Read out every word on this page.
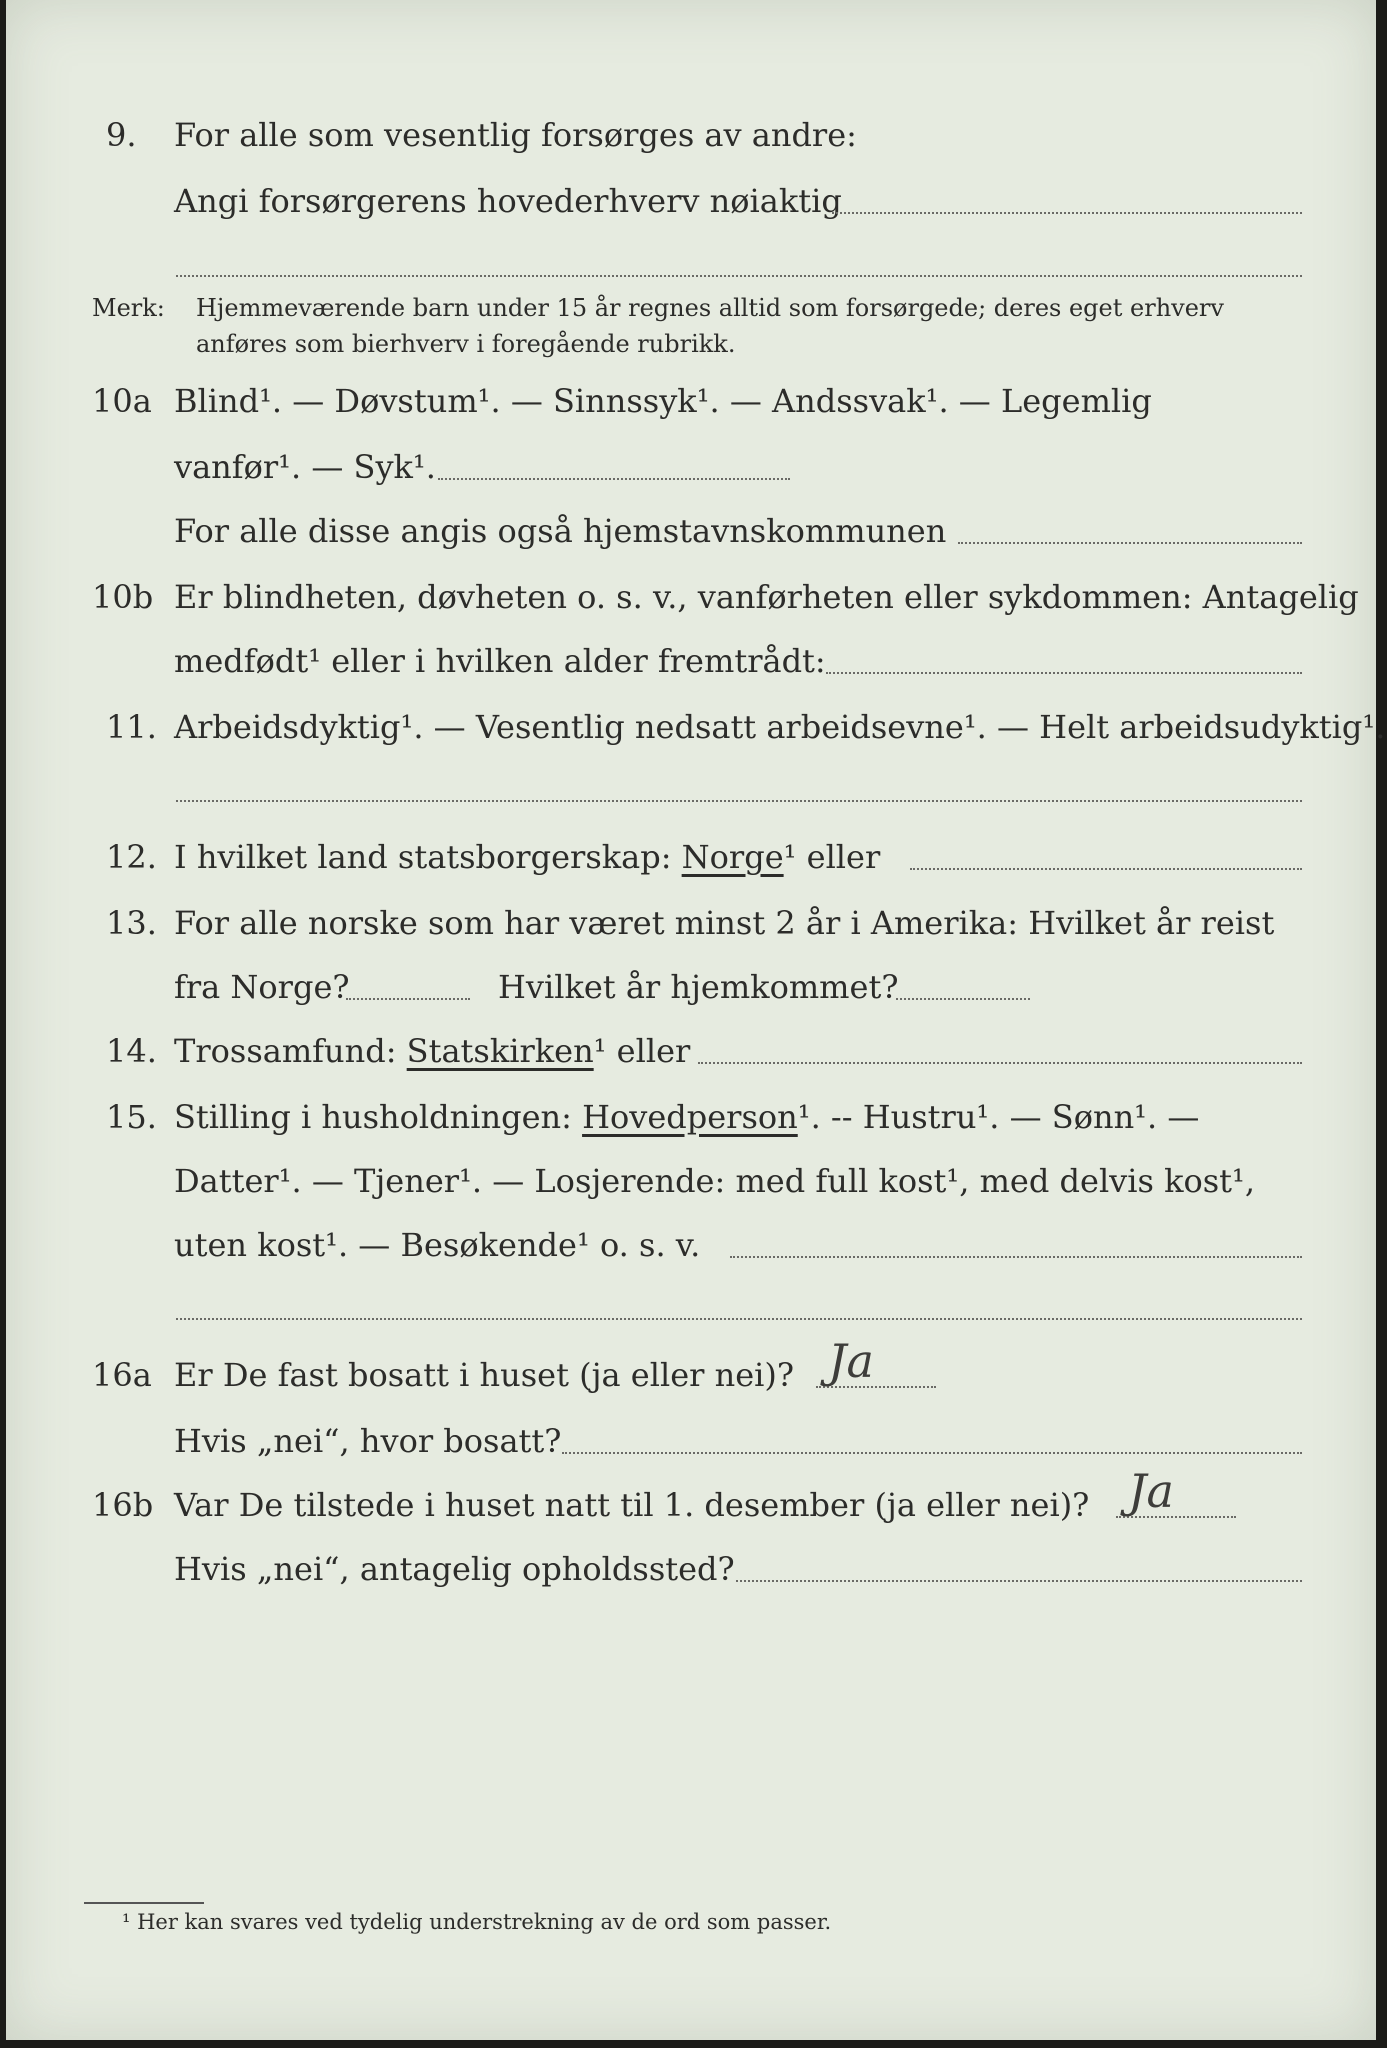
9. For alle som vesentlig forsørges av andre:
Angi forsørgerens hovederhverv nøiaktig
Merk: Hjemmeværende barn under 15 år regnes alltid som forsørgede; deres eget erhverv
anføres som bierhverv i foregående rubrikk.
10a Blind¹. — Døvstum¹. — Sinnssyk¹. — Andssvak¹. — Legemlig
vanfør¹. — Syk¹.
For alle disse angis også hjemstavnskommunen
10b Er blindheten, døvheten o. s. v., vanførheten eller sykdommen: Antagelig
medfødt¹ eller i hvilken alder fremtrådt:
11. Arbeidsdyktig¹. — Vesentlig nedsatt arbeidsevne¹. — Helt arbeidsudyktig¹.
12. I hvilket land statsborgerskap: Norge¹ eller
13. For alle norske som har været minst 2 år i Amerika: Hvilket år reist
fra Norge?	Hvilket år hjemkommet?
14. Trossamfund: Statskirken¹ eller
15. Stilling i husholdningen: Hovedperson¹. -- Hustru¹. — Sønn¹. —
Datter¹. — Tjener¹. — Losjerende: med full kost¹, med delvis kost¹,
uten kost¹. — Besøkende¹ o. s. v.
16a Er De fast bosatt i huset (ja eller nei)? Ja
Hvis „nei“, hvor bosatt?
16b Var De tilstede i huset natt til 1. desember (ja eller nei)? Ja
Hvis „nei“, antagelig opholdssted?
¹ Her kan svares ved tydelig understrekning av de ord som passer.
